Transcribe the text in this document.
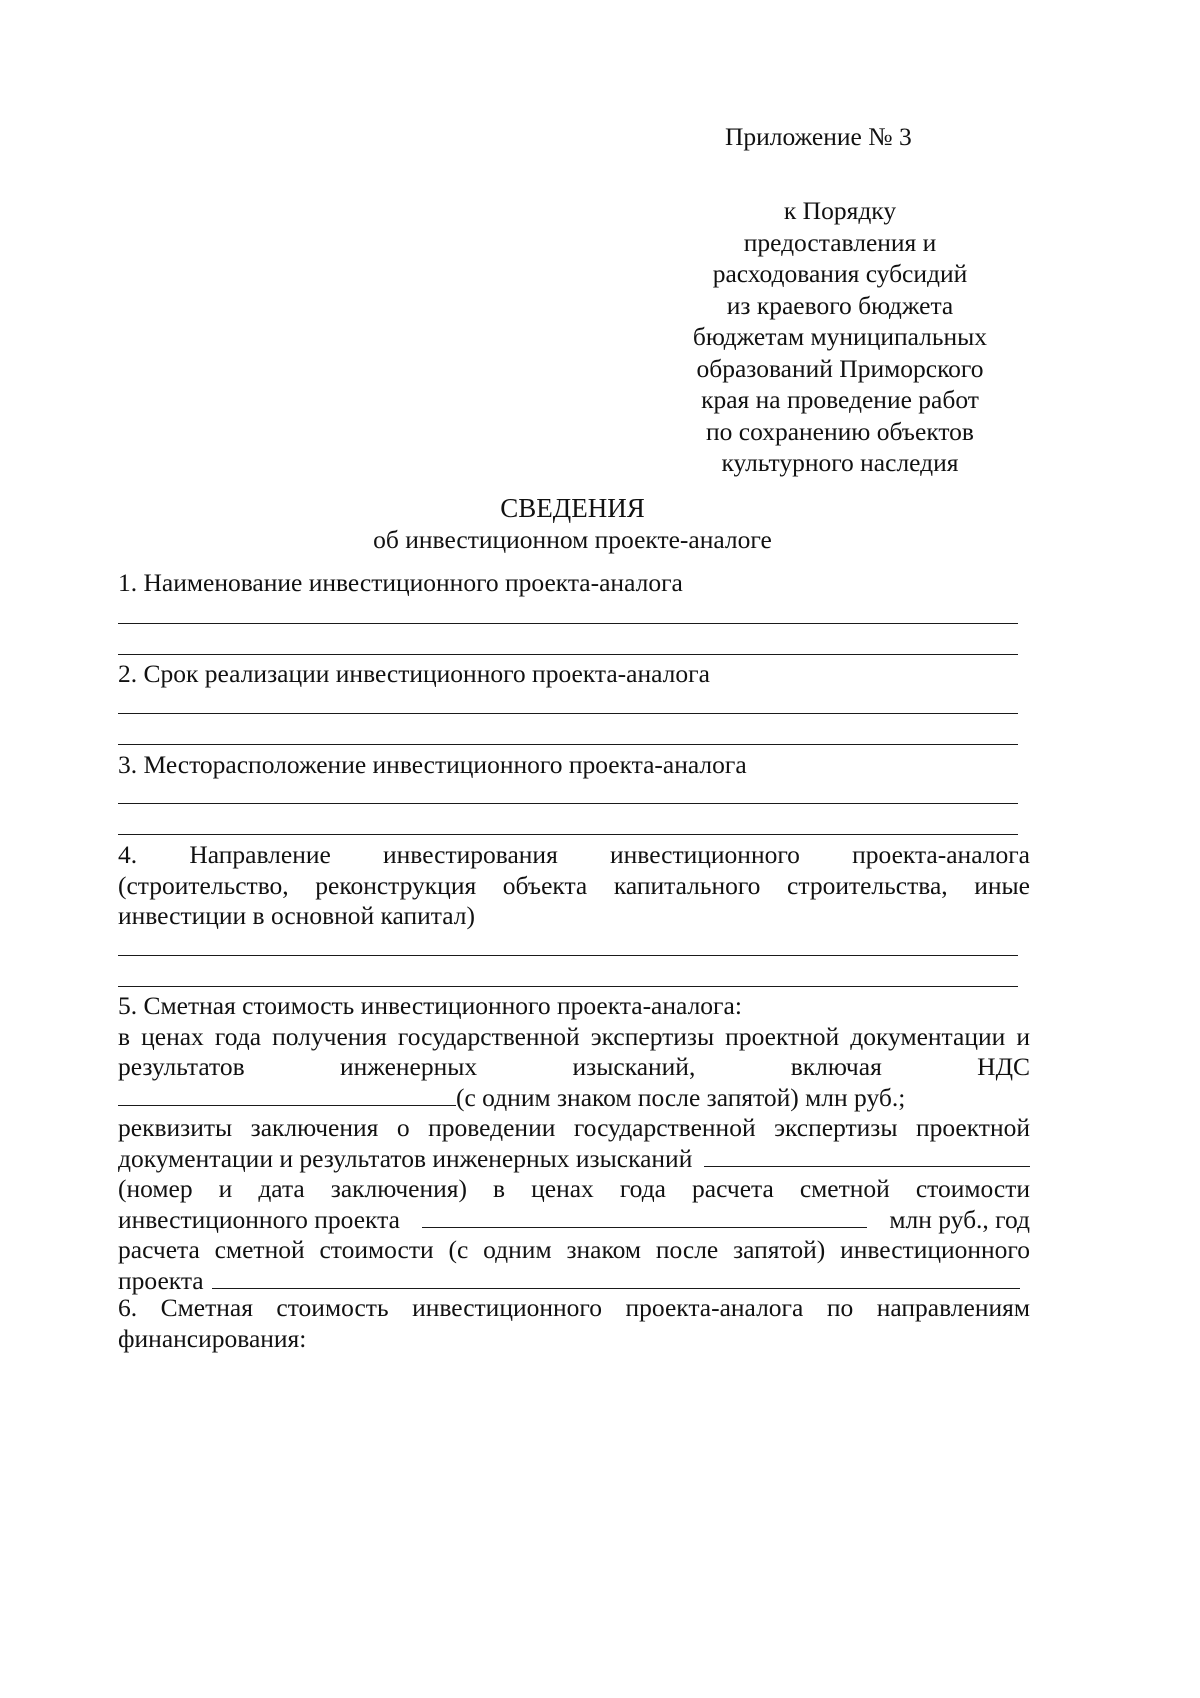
Приложение № 3
к Порядку
предоставления и
расходования субсидий
из краевого бюджета
бюджетам муниципальных
образований Приморского
края на проведение работ
по сохранению объектов
культурного наследия
СВЕДЕНИЯ
об инвестиционном проекте-аналоге
1. Наименование инвестиционного проекта-аналога
2. Срок реализации инвестиционного проекта-аналога
3. Месторасположение инвестиционного проекта-аналога
4. Направление инвестирования инвестиционного проекта-аналога
(строительство, реконструкция объекта капитального строительства, иные
инвестиции в основной капитал)
5. Сметная стоимость инвестиционного проекта-аналога:
в ценах года получения государственной экспертизы проектной документации и
результатов инженерных изысканий, включая НДС
(с одним знаком после запятой) млн руб.;
реквизиты заключения о проведении государственной экспертизы проектной
документации и результатов инженерных изысканий
(номер и дата заключения) в ценах года расчета сметной стоимости
инвестиционного проекта	млн руб., год
расчета сметной стоимости (с одним знаком после запятой) инвестиционного
проекта
6. Сметная стоимость инвестиционного проекта-аналога по направлениям
финансирования:
